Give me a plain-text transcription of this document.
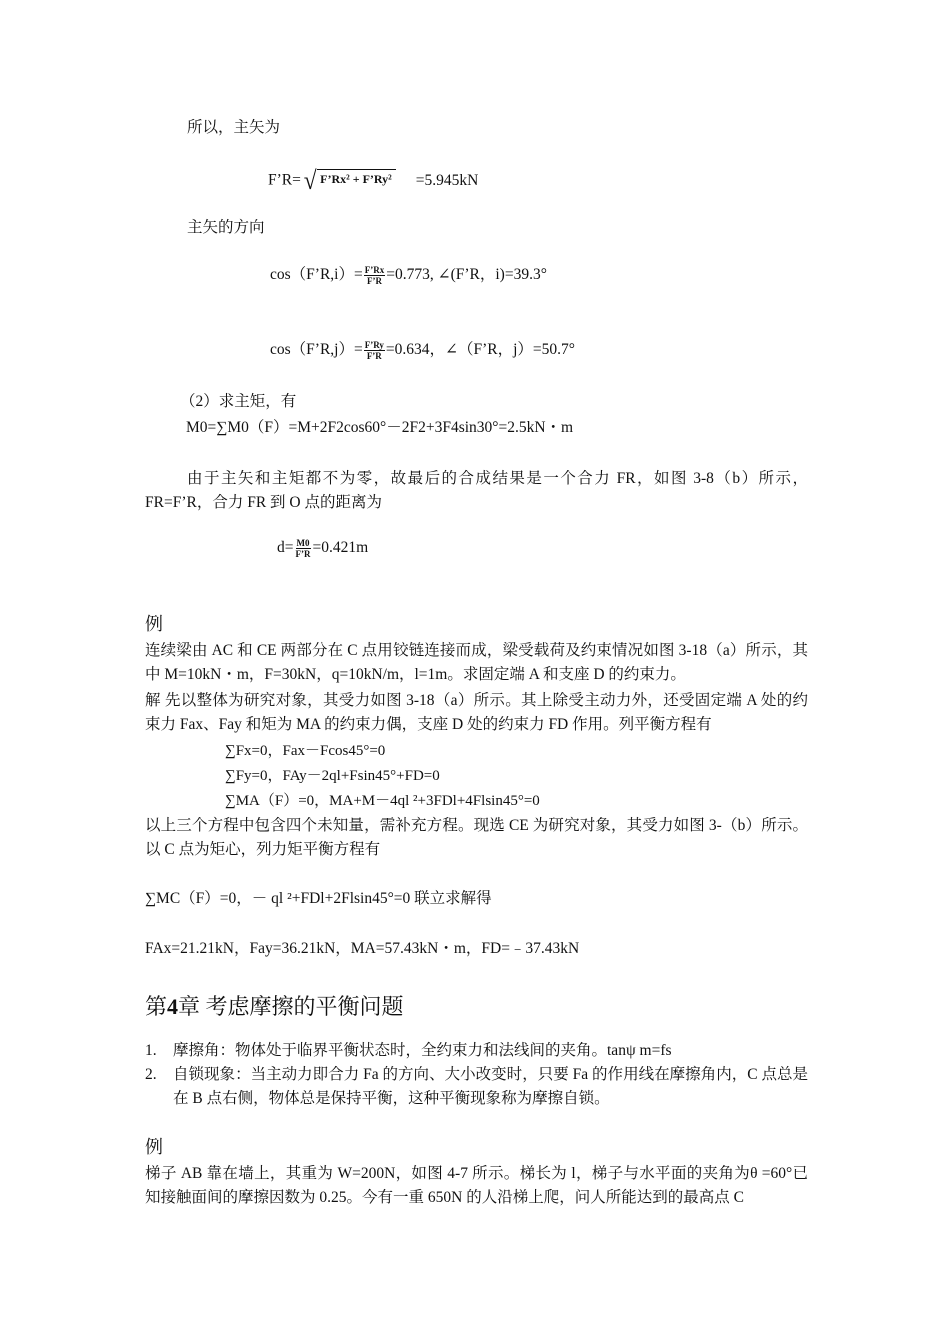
所以，主矢为
F’R= √ F’Rx² + F’Ry² =5.945kN
主矢的方向
cos（F’R,i）= $\frac{F’Rx}{F’R} =0.773$, ∠(F’R，i)=39.3°
cos（F’R,j）= $\frac{F’Ry}{F’R} =0.634$，∠（F’R，j）=50.7°
（2）求主矩，有
M0=∑M0（F）=M+2F2cos60°－2F2+3F4sin30°=2.5kN・m
由于主矢和主矩都不为零，故最后的合成结果是一个合力 FR，如图 3-8（b）所示，FR=F’R，合力 FR 到 O 点的距离为
$d= \frac{M0}{F’R} =0.421m$
例
连续梁由 AC 和 CE 两部分在 C 点用铰链连接而成，梁受载荷及约束情况如图 3-18（a）所示，其中 M=10kN・m，F=30kN，q=10kN/m，l=1m。求固定端 A 和支座 D 的约束力。
解 先以整体为研究对象，其受力如图 3-18（a）所示。其上除受主动力外，还受固定端 A 处的约束力 Fax、Fay 和矩为 MA 的约束力偶，支座 D 处的约束力 FD 作用。列平衡方程有
∑Fx=0，Fax－Fcos45°=0
∑Fy=0，FAy－2ql+Fsin45°+FD=0
∑MA（F）=0，MA+M－4ql ²+3FDl+4Flsin45°=0
以上三个方程中包含四个未知量，需补充方程。现选 CE 为研究对象，其受力如图 3-（b）所示。以 C 点为矩心，列力矩平衡方程有
∑MC（F）=0，－ ql ²+FDl+2Flsin45°=0 联立求解得
FAx=21.21kN，Fay=36.21kN，MA=57.43kN・m，FD=﹣37.43kN
第4章 考虑摩擦的平衡问题
1. 摩擦角：物体处于临界平衡状态时，全约束力和法线间的夹角。tanψ m=fs
2. 自锁现象：当主动力即合力 Fa 的方向、大小改变时，只要 Fa 的作用线在摩擦角内，C 点总是在 B 点右侧，物体总是保持平衡，这种平衡现象称为摩擦自锁。
例
梯子 AB 靠在墙上，其重为 W=200N，如图 4-7 所示。梯长为 l，梯子与水平面的夹角为θ =60°已知接触面间的摩擦因数为 0.25。今有一重 650N 的人沿梯上爬，问人所能达到的最高点 C
